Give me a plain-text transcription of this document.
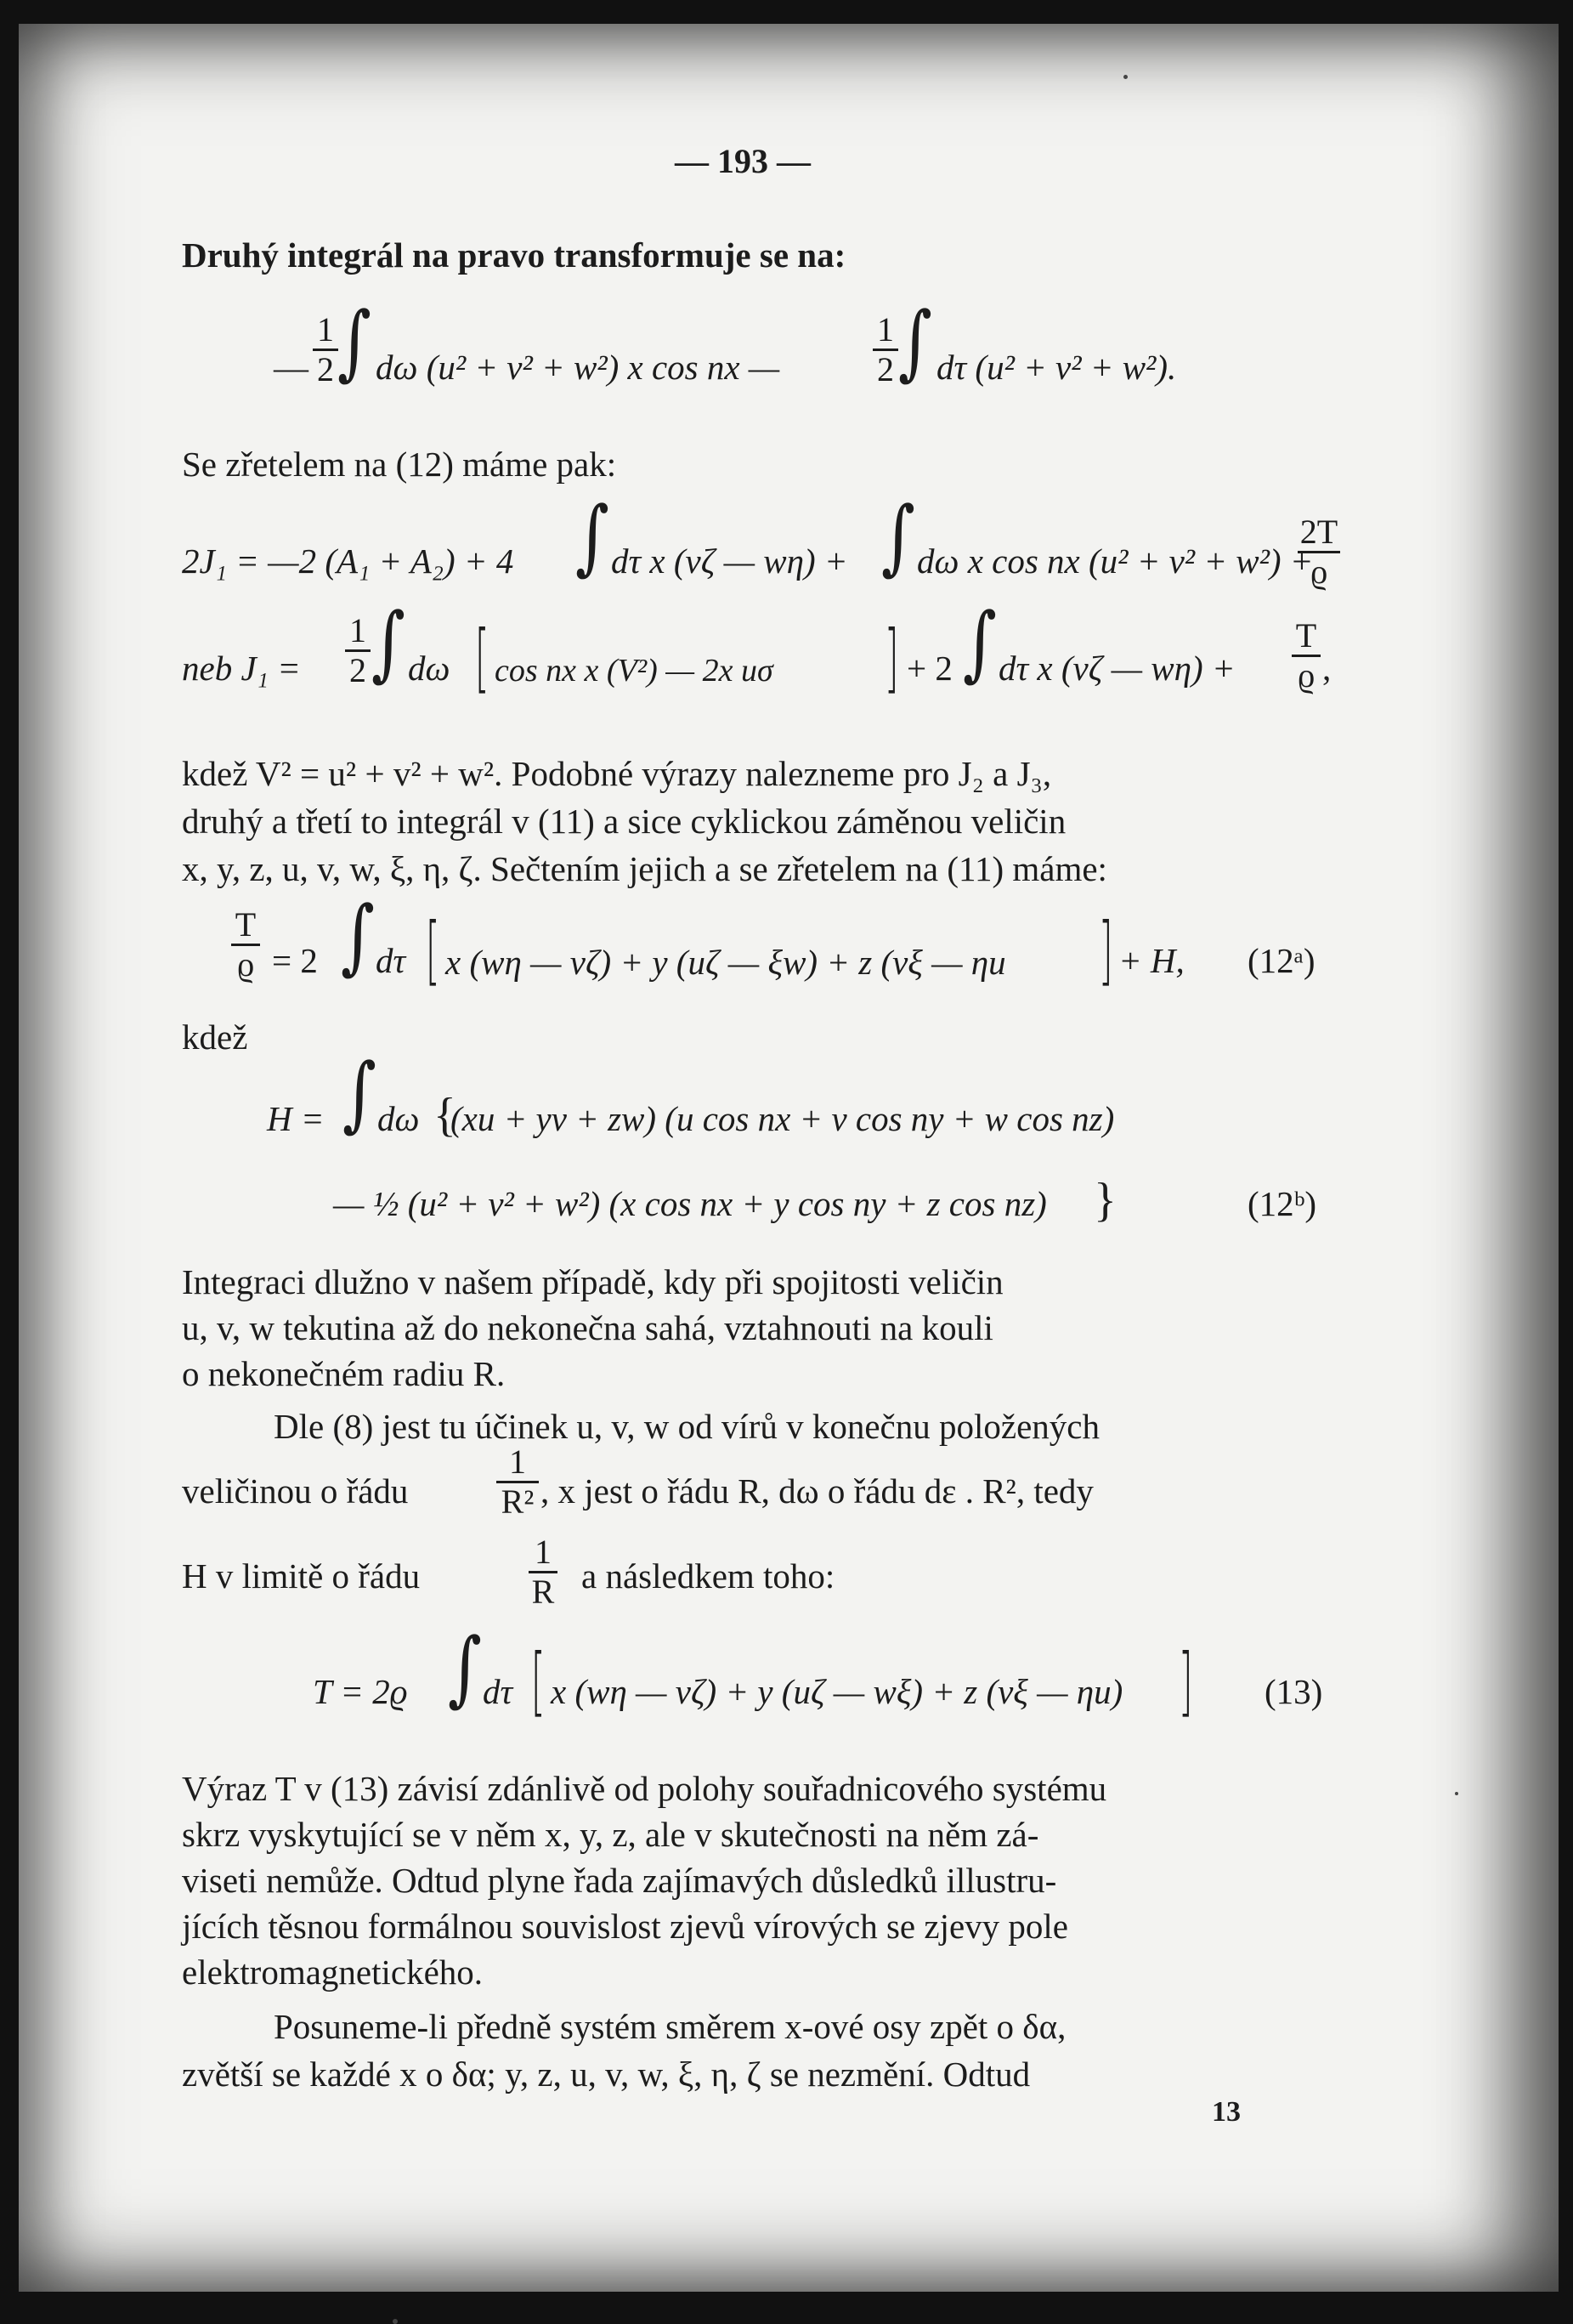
— 193 —
Druhý integrál na pravo transformuje se na:
— $\frac{1}{2}$ ∫ dω (u² + v² + w²) x cos nx —	$\frac{1}{2}$ ∫ dτ (u² + v² + w²).
Se zřetelem na (12) máme pak:
2J₁ = —2 (A₁ + A₂) + 4 ∫ dτ x (vζ — wη) + ∫ dω x cos nx (u² + v² + w²) +
$\frac{2T}{ϱ}$
neb $J_1 = \frac{1}{2}$ ∫ dω [ cos nx x (V²) — 2x uσ ] + 2 ∫ dτ x (vζ — $w\eta) + \frac{T}{ϱ}$ ,
kdež V² = u² + v² + w². Podobné výrazy nalezneme pro J₂ a J₃,
druhý a třetí to integrál v (11) a sice cyklickou záměnou veličin
x, y, z, u, v, w, ξ, η, ζ. Sečtením jejich a se zřetelem na (11) máme:
$\frac{T}{ϱ} = 2$ ∫ dτ [ x (wη — vζ) + y (uζ — ξw) + z (vξ — ηu ] + H, (12ᵃ)
kdež
H = ∫ dω {
(xu + yv + zw) (u cos nx + v cos ny + w cos nz)
— ½ (u² + v² + w²) (x cos nx + y cos ny + z cos nz) }	(12ᵇ)
Integraci dlužno v našem případě, kdy při spojitosti veličin
u, v, w tekutina až do nekonečna sahá, vztahnouti na kouli
o nekonečném radiu R.
Dle (8) jest tu účinek u, v, w od vírů v konečnu položených
veličinou o řádu	$\frac{1}{\text{R²}}$ , x jest o řádu R, dω o řádu dε . R², tedy
H v limitě o řádu	$\frac{1}{R}$ a následkem toho:
T = 2ϱ ∫ dτ [ x (wη — vζ) + y (uζ — wξ) + z (vξ — ηu) ] (13)
Výraz T v (13) závisí zdánlivě od polohy souřadnicového systému
skrz vyskytující se v něm x, y, z, ale v skutečnosti na něm zá-
viseti nemůže. Odtud plyne řada zajímavých důsledků illustru-
jících těsnou formálnou souvislost zjevů vírových se zjevy pole
elektromagnetického.
Posuneme-li předně systém směrem x-ové osy zpět o δα,
zvětší se každé x o δα; y, z, u, v, w, ξ, η, ζ se nezmění. Odtud
13
